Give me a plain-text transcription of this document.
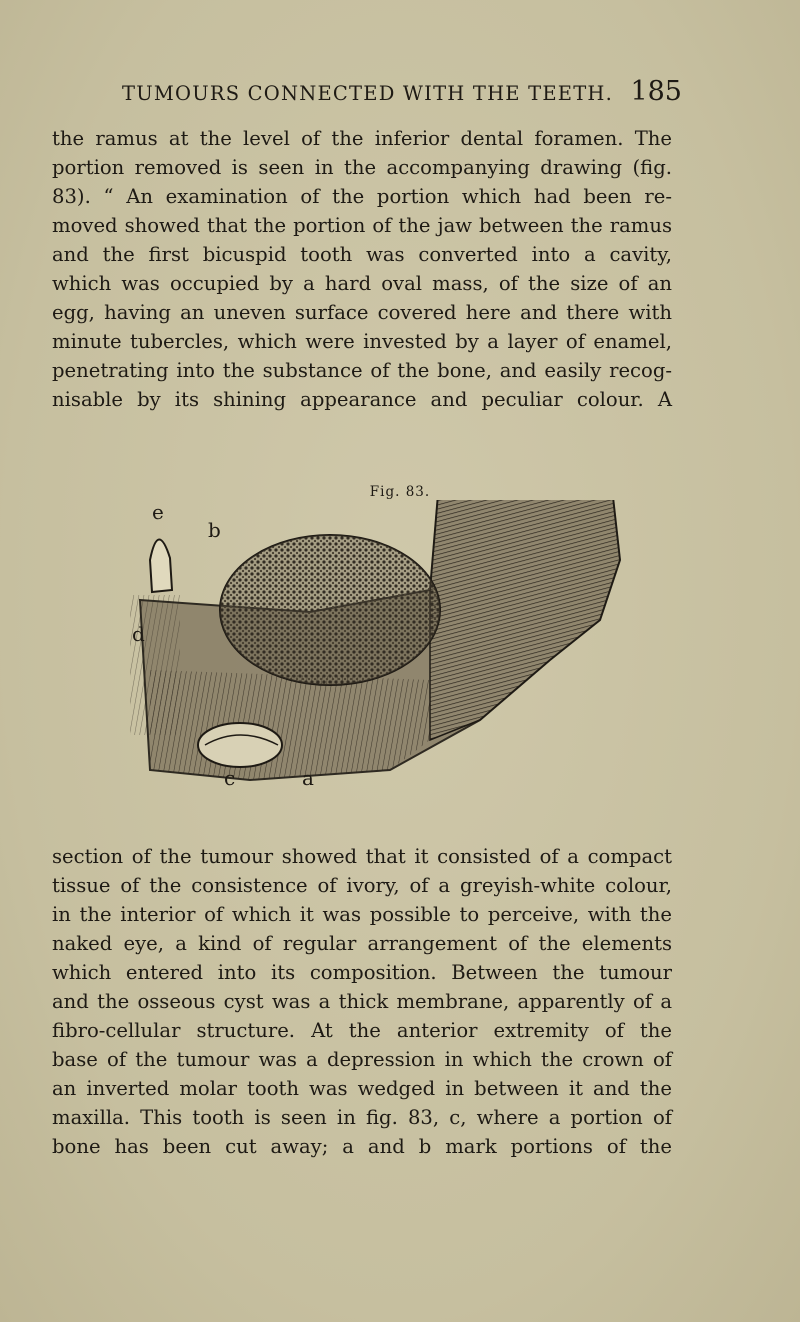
TUMOURS CONNECTED WITH THE TEETH. 185
the ramus at the level of the inferior dental foramen. The
portion removed is seen in the accompanying drawing (fig.
83). “ An examination of the portion which had been re-
moved showed that the portion of the jaw between the ramus
and the first bicuspid tooth was converted into a cavity,
which was occupied by a hard oval mass, of the size of an
egg, having an uneven surface covered here and there with
minute tubercles, which were invested by a layer of enamel,
penetrating into the substance of the bone, and easily recog-
nisable by its shining appearance and peculiar colour. A
Fig. 83.
e
b
d
c	a
section of the tumour showed that it consisted of a compact
tissue of the consistence of ivory, of a greyish-white colour,
in the interior of which it was possible to perceive, with the
naked eye, a kind of regular arrangement of the elements
which entered into its composition. Between the tumour
and the osseous cyst was a thick membrane, apparently of a
fibro-cellular structure. At the anterior extremity of the
base of the tumour was a depression in which the crown of
an inverted molar tooth was wedged in between it and the
maxilla. This tooth is seen in fig. 83, c, where a portion of
bone has been cut away; a and b mark portions of the
